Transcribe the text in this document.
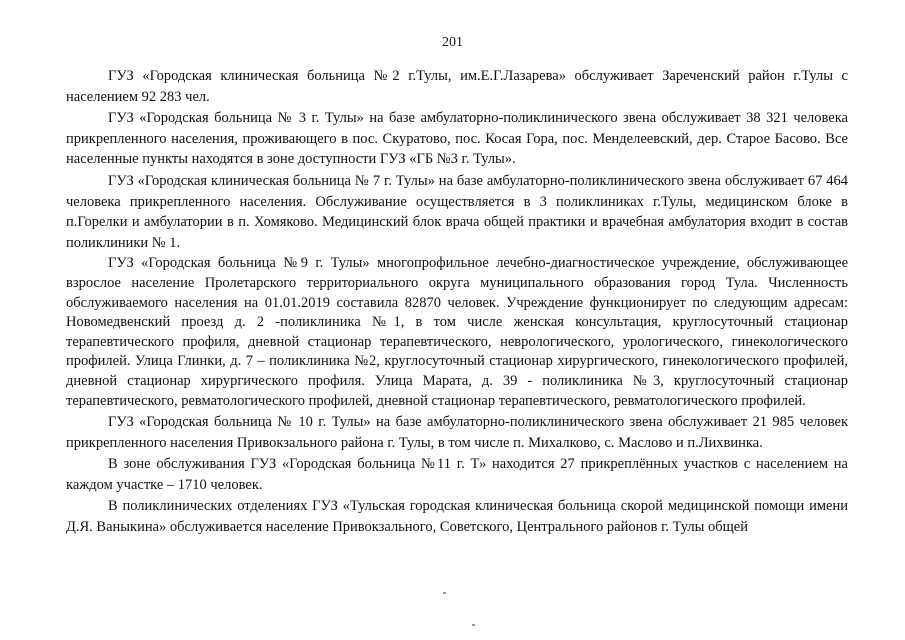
201

ГУЗ «Городская клиническая больница №2 г.Тулы, им.Е.Г.Лазарева» обслуживает Зареченский район г.Тулы с населением 92 283 чел.

ГУЗ «Городская больница № 3 г. Тулы» на базе амбулаторно-поликлинического звена обслуживает 38 321 человека прикрепленного населения, проживающего в пос. Скуратово, пос. Косая Гора, пос. Менделеевский, дер. Старое Басово. Все населенные пункты находятся в зоне доступности ГУЗ «ГБ №3 г. Тулы».

ГУЗ «Городская клиническая больница № 7 г. Тулы» на базе амбулаторно-поликлинического звена обслуживает 67 464 человека прикрепленного населения. Обслуживание осуществляется в 3 поликлиниках г.Тулы, медицинском блоке в п.Горелки и амбулатории в п. Хомяково. Медицинский блок врача общей практики и врачебная амбулатория входит в состав поликлиники № 1.

ГУЗ «Городская больница №9 г. Тулы» многопрофильное лечебно-диагностическое учреждение, обслуживающее взрослое население Пролетарского территориального округа муниципального образования город Тула. Численность обслуживаемого населения на 01.01.2019 составила 82870 человек. Учреждение функционирует по следующим адресам: Новомедвенский проезд д. 2 -поликлиника №1, в том числе женская консультация, круглосуточный стационар терапевтического профиля, дневной стационар терапевтического, неврологического, урологического, гинекологического профилей. Улица Глинки, д. 7 – поликлиника №2, круглосуточный стационар хирургического, гинекологического профилей, дневной стационар хирургического профиля. Улица Марата, д. 39 - поликлиника №3, круглосуточный стационар терапевтического, ревматологического профилей, дневной стационар терапевтического, ревматологического профилей.

ГУЗ «Городская больница № 10 г. Тулы» на базе амбулаторно-поликлинического звена обслуживает 21 985 человек прикрепленного населения Привокзального района г. Тулы, в том числе п. Михалково, с. Маслово и п.Лихвинка.

В зоне обслуживания ГУЗ «Городская больница №11 г. Т» находится 27 прикреплённых участков с населением на каждом участке – 1710 человек.

В поликлинических отделениях ГУЗ «Тульская городская клиническая больница скорой медицинской помощи имени Д.Я. Ваныкина» обслуживается население Привокзального, Советского, Центрального районов г. Тулы общей
